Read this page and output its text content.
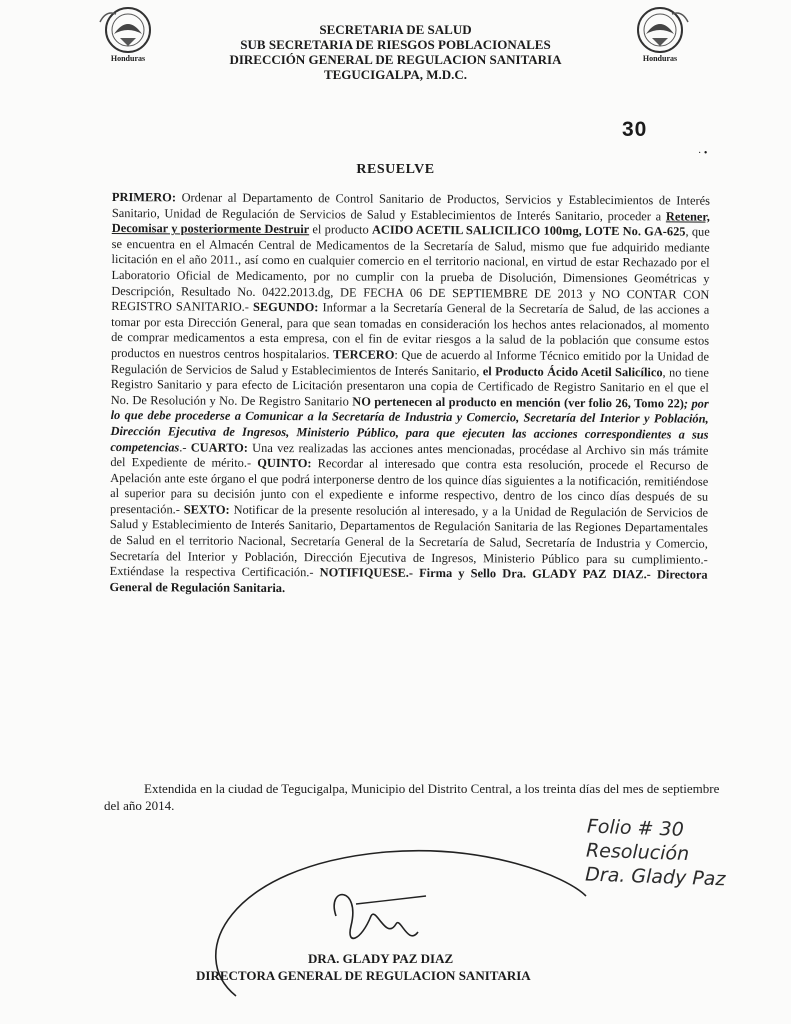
Honduras	Honduras
SECRETARIA DE SALUD
SUB SECRETARIA DE RIESGOS POBLACIONALES
DIRECCIÓN GENERAL DE REGULACION SANITARIA
TEGUCIGALPA, M.D.C.
30
· •
RESUELVE
PRIMERO: Ordenar al Departamento de Control Sanitario de Productos, Servicios y Establecimientos de Interés Sanitario, Unidad de Regulación de Servicios de Salud y Establecimientos de Interés Sanitario, proceder a Retener, Decomisar y posteriormente Destruir el producto ACIDO ACETIL SALICILICO 100mg, LOTE No. GA-625, que se encuentra en el Almacén Central de Medicamentos de la Secretaría de Salud, mismo que fue adquirido mediante licitación en el año 2011., así como en cualquier comercio en el territorio nacional, en virtud de estar Rechazado por el Laboratorio Oficial de Medicamento, por no cumplir con la prueba de Disolución, Dimensiones Geométricas y Descripción, Resultado No. 0422.2013.dg, DE FECHA 06 DE SEPTIEMBRE DE 2013 y NO CONTAR CON REGISTRO SANITARIO.- SEGUNDO: Informar a la Secretaría General de la Secretaría de Salud, de las acciones a tomar por esta Dirección General, para que sean tomadas en consideración los hechos antes relacionados, al momento de comprar medicamentos a esta empresa, con el fin de evitar riesgos a la salud de la población que consume estos productos en nuestros centros hospitalarios. TERCERO: Que de acuerdo al Informe Técnico emitido por la Unidad de Regulación de Servicios de Salud y Establecimientos de Interés Sanitario, el Producto Ácido Acetil Salicílico, no tiene Registro Sanitario y para efecto de Licitación presentaron una copia de Certificado de Registro Sanitario en el que el No. De Resolución y No. De Registro Sanitario NO pertenecen al producto en mención (ver folio 26, Tomo 22); por lo que debe procederse a Comunicar a la Secretaría de Industria y Comercio, Secretaría del Interior y Población, Dirección Ejecutiva de Ingresos, Ministerio Público, para que ejecuten las acciones correspondientes a sus competencias.- CUARTO: Una vez realizadas las acciones antes mencionadas, procédase al Archivo sin más trámite del Expediente de mérito.- QUINTO: Recordar al interesado que contra esta resolución, procede el Recurso de Apelación ante este órgano el que podrá interponerse dentro de los quince días siguientes a la notificación, remitiéndose al superior para su decisión junto con el expediente e informe respectivo, dentro de los cinco días después de su presentación.- SEXTO: Notificar de la presente resolución al interesado, y a la Unidad de Regulación de Servicios de Salud y Establecimiento de Interés Sanitario, Departamentos de Regulación Sanitaria de las Regiones Departamentales de Salud en el territorio Nacional, Secretaría General de la Secretaría de Salud, Secretaría de Industria y Comercio, Secretaría del Interior y Población, Dirección Ejecutiva de Ingresos, Ministerio Público para su cumplimiento.- Extiéndase la respectiva Certificación.- NOTIFIQUESE.- Firma y Sello Dra. GLADY PAZ DIAZ.- Directora General de Regulación Sanitaria.
Extendida en la ciudad de Tegucigalpa, Municipio del Distrito Central, a los treinta días del mes de septiembre del año 2014.
Folio # 30
Resolución
Dra. Glady Paz
DRA. GLADY PAZ DIAZ
DIRECTORA GENERAL DE REGULACION SANITARIA
